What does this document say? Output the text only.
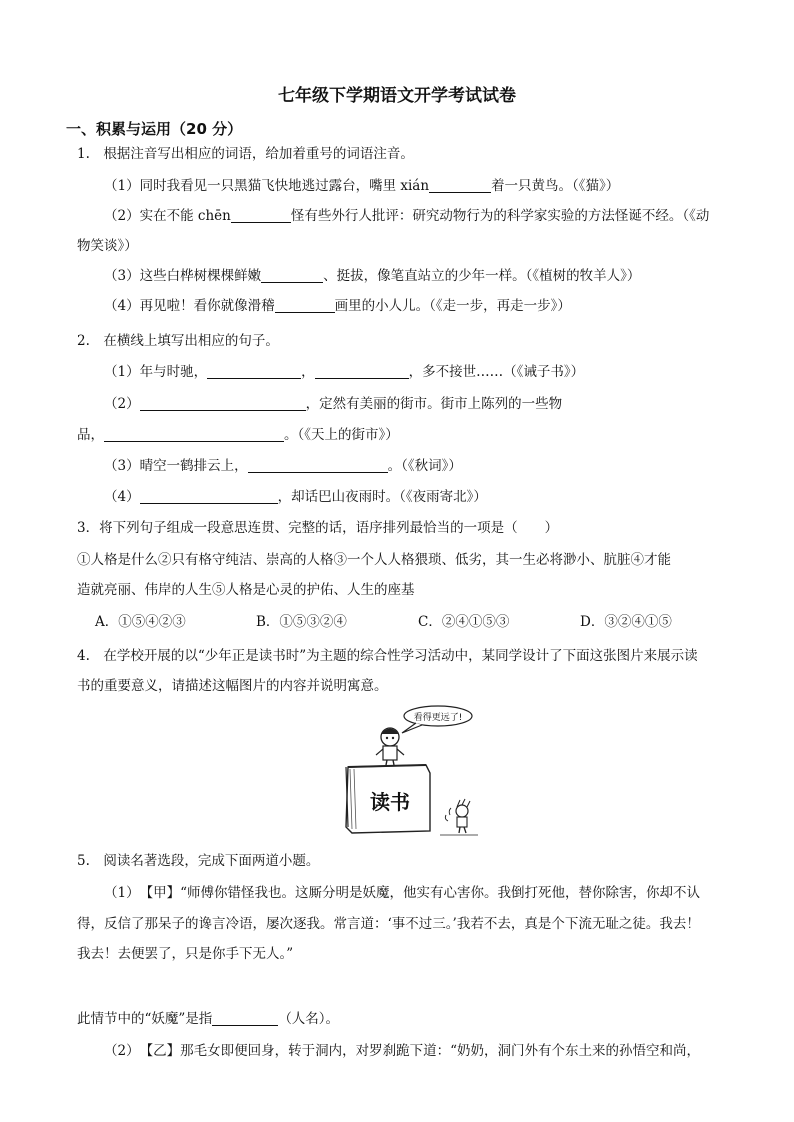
七年级下学期语文开学考试试卷
一、积累与运用（20 分）
1.　根据注音写出相应的词语，给加着重号的词语注音。
（1）同时我看见一只黑猫飞快地逃过露台，嘴里 xián	着一只黄鸟。（《猫》）
（2）实在不能 chēn	怪有些外行人批评：研究动物行为的科学家实验的方法怪诞不经。（《动
物笑谈》）
（3）这些白桦树棵棵鲜嫩	、挺拔，像笔直站立的少年一样。（《植树的牧羊人》）
（4）再见啦！看你就像滑稽	画里的小人儿。（《走一步，再走一步》）
2.　在横线上填写出相应的句子。
（1）年与时驰，	，	，多不接世……（《诫子书》）
（2）	，定然有美丽的街市。街市上陈列的一些物
品，	。（《天上的街市》）
（3）晴空一鹤排云上，	。（《秋词》）
（4）	，却话巴山夜雨时。（《夜雨寄北》）
3．将下列句子组成一段意思连贯、完整的话，语序排列最恰当的一项是（　　）
①人格是什么②只有格守纯洁、崇高的人格③一个人人格猥琐、低劣，其一生必将渺小、肮脏④才能
造就亮丽、伟岸的人生⑤人格是心灵的护佑、人生的座基
A．①⑤④②③	B．①⑤③②④	C．②④①⑤③	D．③②④①⑤
4.　在学校开展的以“少年正是读书时”为主题的综合性学习活动中，某同学设计了下面这张图片来展示读
书的重要意义，请描述这幅图片的内容并说明寓意。
看得更远了!
读书
5.　阅读名著选段，完成下面两道小题。
（1）　【甲】“师傅你错怪我也。这厮分明是妖魔，他实有心害你。我倒打死他，替你除害，你却不认
得，反信了那呆子的谗言冷语，屡次逐我。常言道：‘事不过三。’我若不去，真是个下流无耻之徒。我去！
我去！去便罢了，只是你手下无人。”
此情节中的“妖魔”是指	（人名）。
（2）　【乙】那毛女即便回身，转于洞内，对罗刹跪下道：“奶奶，洞门外有个东土来的孙悟空和尚，
